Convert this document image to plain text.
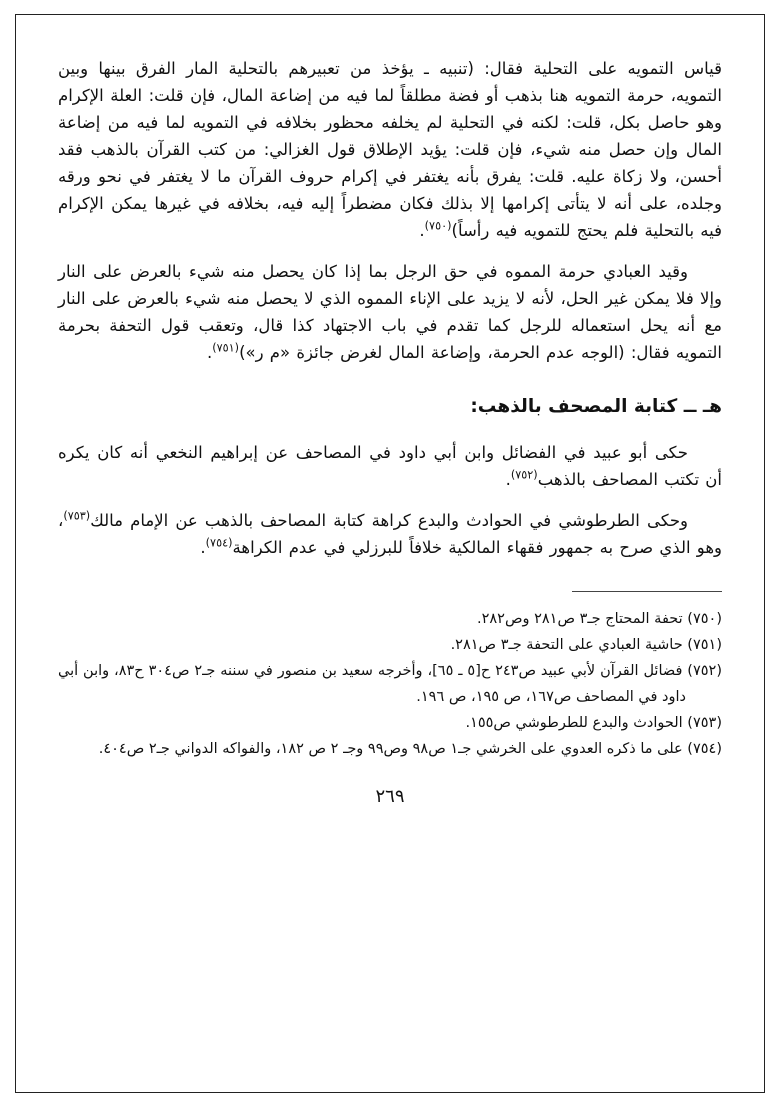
قياس التمويه على التحلية فقال: (تنبيه ـ يؤخذ من تعبيرهم بالتحلية المار الفرق بينها وبين التمويه، حرمة التمويه هنا بذهب أو فضة مطلقاً لما فيه من إضاعة المال، فإن قلت: العلة الإكرام وهو حاصل بكل، قلت: لكنه في التحلية لم يخلفه محظور بخلافه في التمويه لما فيه من إضاعة المال وإن حصل منه شيء، فإن قلت: يؤيد الإطلاق قول الغزالي: من كتب القرآن بالذهب فقد أحسن، ولا زكاة عليه. قلت: يفرق بأنه يغتفر في إكرام حروف القرآن ما لا يغتفر في نحو ورقه وجلده، على أنه لا يتأتى إكرامها إلا بذلك فكان مضطراً إليه فيه، بخلافه في غيرها يمكن الإكرام فيه بالتحلية فلم يحتج للتمويه فيه رأساً)$^{(٧٥٠)}$.

وقيد العبادي حرمة المموه في حق الرجل بما إذا كان يحصل منه شيء بالعرض على النار وإلا فلا يمكن غير الحل، لأنه لا يزيد على الإناء المموه الذي لا يحصل منه شيء بالعرض على النار مع أنه يحل استعماله للرجل كما تقدم في باب الاجتهاد كذا قال، وتعقب قول التحفة بحرمة التمويه فقال: (الوجه عدم الحرمة، وإضاعة المال لغرض جائزة «م ر»)$^{(٧٥١)}$.

هـ ــ كتابة المصحف بالذهب:

حكى أبو عبيد في الفضائل وابن أبي داود في المصاحف عن إبراهيم النخعي أنه كان يكره أن تكتب المصاحف بالذهب$^{(٧٥٢)}$.

وحكى الطرطوشي في الحوادث والبدع كراهة كتابة المصاحف بالذهب عن الإمام مالك$^{(٧٥٣)}$، وهو الذي صرح به جمهور فقهاء المالكية خلافاً للبرزلي في عدم الكراهة$^{(٧٥٤)}$.

(٧٥٠) تحفة المحتاج جـ٣ ص٢٨١ وص٢٨٢.

(٧٥١) حاشية العبادي على التحفة جـ٣ ص٢٨١.

(٧٥٢) فضائل القرآن لأبي عبيد ص٢٤٣ ح[٥ ـ ٦٥]، وأخرجه سعيد بن منصور في سننه جـ٢ ص٣٠٤ ح٨٣، وابن أبي داود في المصاحف ص١٦٧، ص ١٩٥، ص ١٩٦.

(٧٥٣) الحوادث والبدع للطرطوشي ص١٥٥.

(٧٥٤) على ما ذكره العدوي على الخرشي جـ١ ص٩٨ وص٩٩ وجـ ٢ ص ١٨٢، والفواكه الدواني جـ٢ ص٤٠٤.

٢٦٩
